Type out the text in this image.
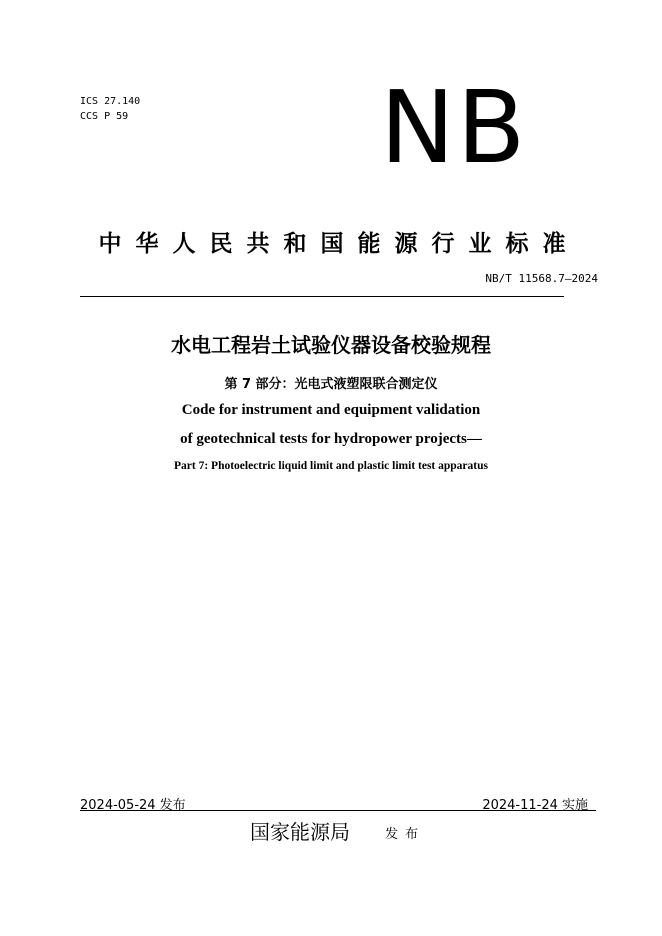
ICS 27.140
CCS P 59	NB
中华人民共和国能源行业标准
NB/T 11568.7—2024
水电工程岩土试验仪器设备校验规程
第 7 部分：光电式液塑限联合测定仪
Code for instrument and equipment validation
of geotechnical tests for hydropower projects—
Part 7: Photoelectric liquid limit and plastic limit test apparatus
2024-05-24 发布	2024-11-24 实施
国家能源局	发布
